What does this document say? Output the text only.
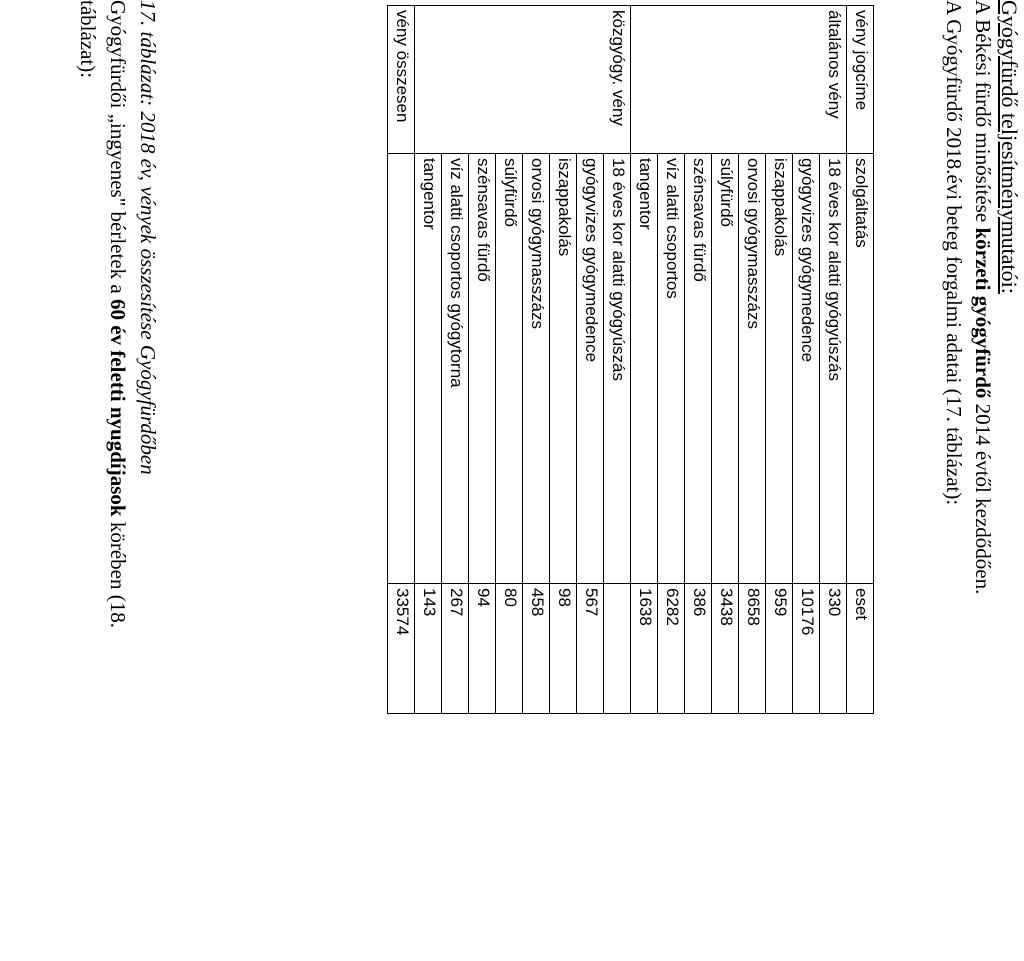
Gyógyfürdő teljesítménymutatói:
A Békési fürdő minősítése körzeti gyógyfürdő 2014 évtől kezdődően.
A Gyógyfürdő 2018.évi beteg forgalmi adatai (17. táblázat):
vény jogcíme	szolgáltatás	eset
általános vény	18 éves kor alatti gyógyúszás	330
	gyógyvizes gyógymedence	10176
	iszappakolás	959
	orvosi gyógymasszázs	8658
	súlyfürdő	3438
	szénsavas fürdő	386
	víz alatti csoportos	6282
	tangentor	1638
közgyógy. vény	18 éves kor alatti gyógyúszás	
	gyógyvizes gyógymedence	567
	iszappakolás	98
	orvosi gyógymasszázs	458
	súlyfürdő	80
	szénsavas fürdő	94
	víz alatti csoportos gyógytorna	267
	tangentor	143
vény összesen		33574
17. táblázat: 2018 év, vények összesítése Gyógyfürdőben
Gyógyfürdői „ingyenes" bérletek a 60 év feletti nyugdíjasok körében (18.
táblázat):
